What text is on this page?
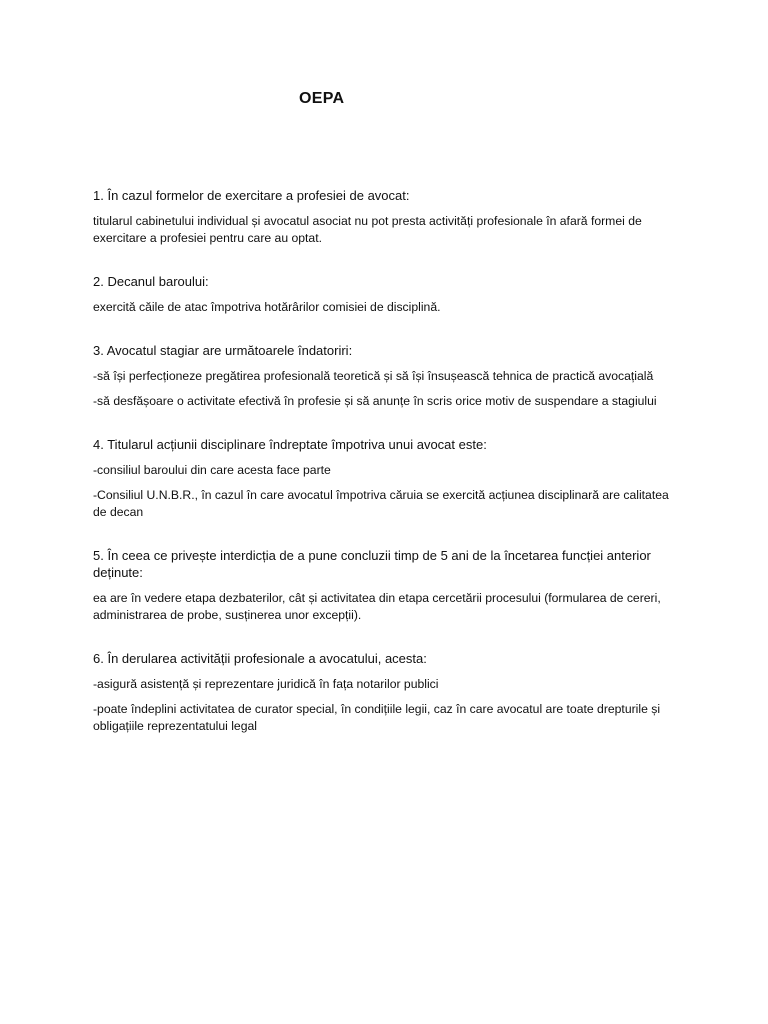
OEPA

1. În cazul formelor de exercitare a profesiei de avocat:

titularul cabinetului individual și avocatul asociat nu pot presta activități profesionale în afară formei de exercitare a profesiei pentru care au optat.

2. Decanul baroului:

exercită căile de atac împotriva hotărârilor comisiei de disciplină.

3. Avocatul stagiar are următoarele îndatoriri:

-să își perfecționeze pregătirea profesională teoretică și să își însușească tehnica de practică avocațială

-să desfășoare o activitate efectivă în profesie și să anunțe în scris orice motiv de suspendare a stagiului

4. Titularul acțiunii disciplinare îndreptate împotriva unui avocat este:

-consiliul baroului din care acesta face parte

-Consiliul U.N.B.R., în cazul în care avocatul împotriva căruia se exercită acțiunea disciplinară are calitatea de decan

5. În ceea ce privește interdicția de a pune concluzii timp de 5 ani de la încetarea funcției anterior deținute:

ea are în vedere etapa dezbaterilor, cât și activitatea din etapa cercetării procesului (formularea de cereri, administrarea de probe, susținerea unor excepții).

6. În derularea activității profesionale a avocatului, acesta:

-asigură asistență și reprezentare juridică în fața notarilor publici

-poate îndeplini activitatea de curator special, în condițiile legii, caz în care avocatul are toate drepturile și obligațiile reprezentatului legal
